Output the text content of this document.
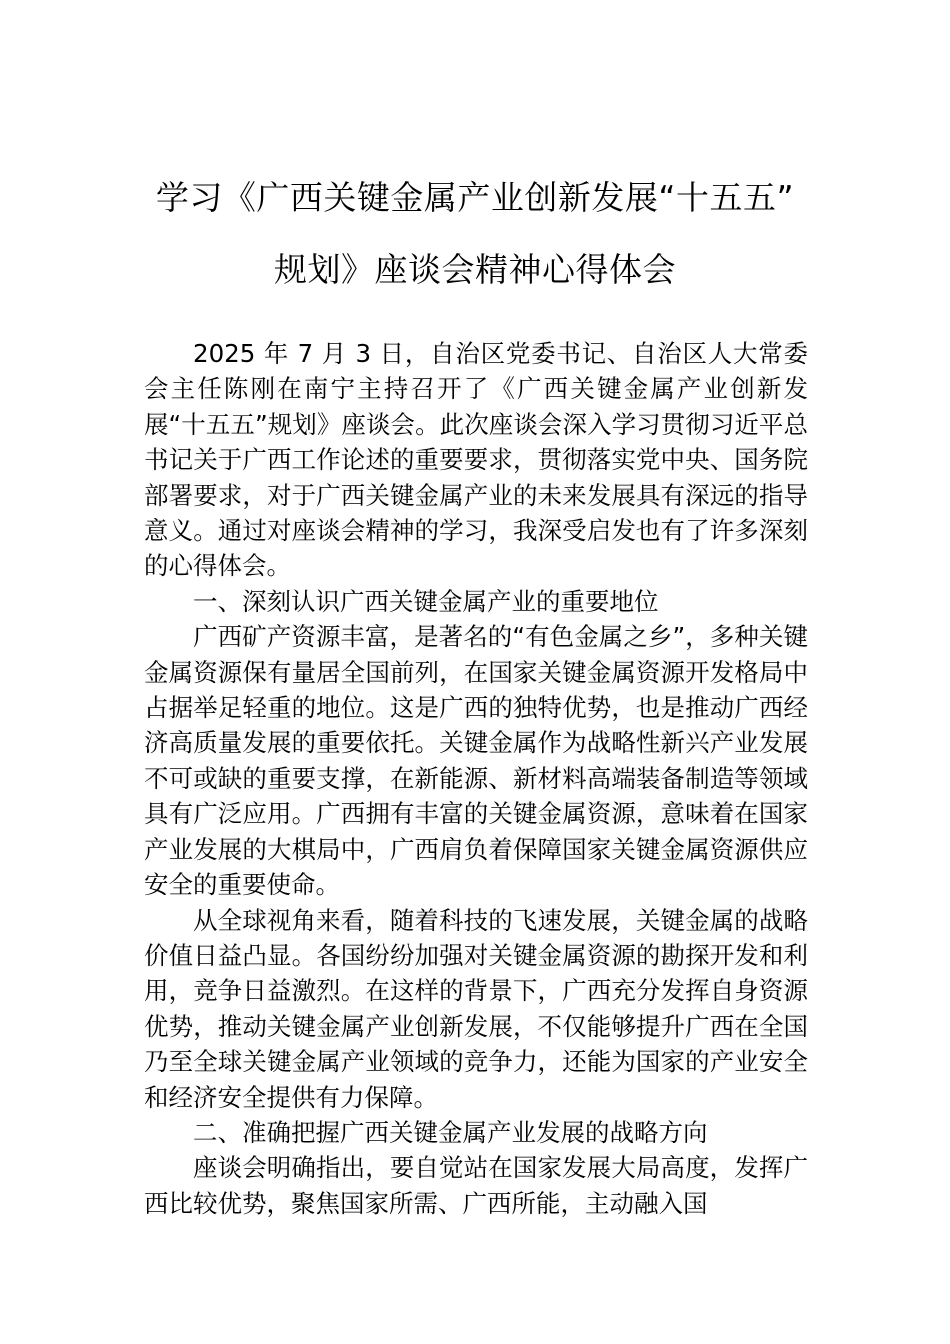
学习《广西关键金属产业创新发展“十五五”
规划》座谈会精神心得体会

2025 年 7 月 3 日，自治区党委书记、自治区人大常委会主任陈刚在南宁主持召开了《广西关键金属产业创新发展“十五五”规划》座谈会。此次座谈会深入学习贯彻习近平总书记关于广西工作论述的重要要求，贯彻落实党中央、国务院部署要求，对于广西关键金属产业的未来发展具有深远的指导意义。通过对座谈会精神的学习，我深受启发也有了许多深刻的心得体会。

一、深刻认识广西关键金属产业的重要地位

广西矿产资源丰富，是著名的“有色金属之乡”，多种关键金属资源保有量居全国前列，在国家关键金属资源开发格局中占据举足轻重的地位。这是广西的独特优势，也是推动广西经济高质量发展的重要依托。关键金属作为战略性新兴产业发展不可或缺的重要支撑，在新能源、新材料高端装备制造等领域具有广泛应用。广西拥有丰富的关键金属资源，意味着在国家产业发展的大棋局中，广西肩负着保障国家关键金属资源供应安全的重要使命。

从全球视角来看，随着科技的飞速发展，关键金属的战略价值日益凸显。各国纷纷加强对关键金属资源的勘探开发和利用，竞争日益激烈。在这样的背景下，广西充分发挥自身资源优势，推动关键金属产业创新发展，不仅能够提升广西在全国乃至全球关键金属产业领域的竞争力，还能为国家的产业安全和经济安全提供有力保障。

二、准确把握广西关键金属产业发展的战略方向

座谈会明确指出，要自觉站在国家发展大局高度，发挥广西比较优势，聚焦国家所需、广西所能，主动融入国
